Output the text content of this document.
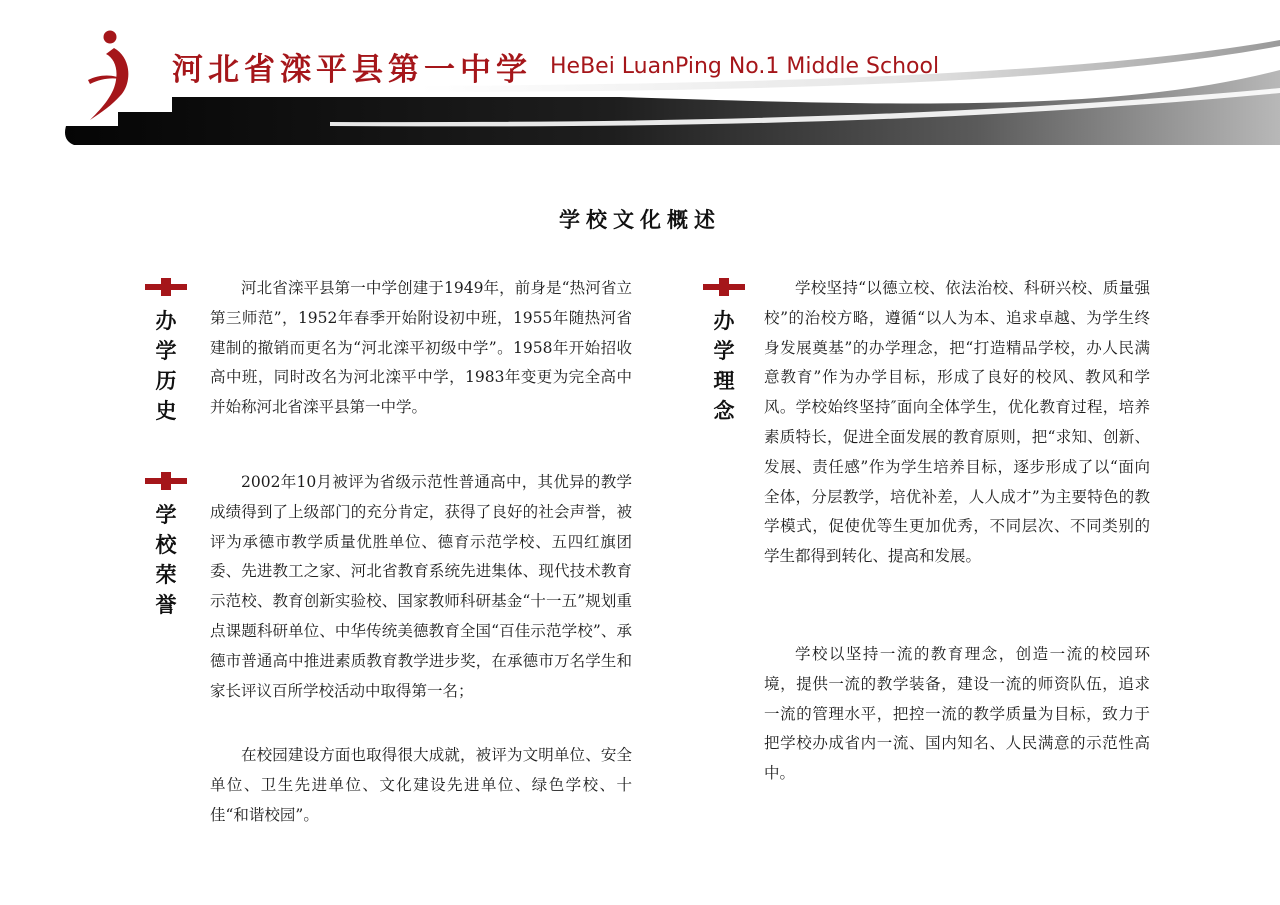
河北省滦平县第一中学 HeBei LuanPing No.1 Middle School
学校文化概述
办
学
历
史
学
校
荣
誉
办
学
理
念

河北省滦平县第一中学创建于1949年，前身是“热河省立第三师范”，1952年春季开始附设初中班，1955年随热河省建制的撤销而更名为“河北滦平初级中学”。1958年开始招收高中班，同时改名为河北滦平中学，1983年变更为完全高中并始称河北省滦平县第一中学。

2002年10月被评为省级示范性普通高中，其优异的教学成绩得到了上级部门的充分肯定，获得了良好的社会声誉，被评为承德市教学质量优胜单位、德育示范学校、五四红旗团委、先进教工之家、河北省教育系统先进集体、现代技术教育示范校、教育创新实验校、国家教师科研基金“十一五”规划重点课题科研单位、中华传统美德教育全国“百佳示范学校”、承德市普通高中推进素质教育教学进步奖，在承德市万名学生和家长评议百所学校活动中取得第一名；

在校园建设方面也取得很大成就，被评为文明单位、安全单位、卫生先进单位、文化建设先进单位、绿色学校、十佳“和谐校园”。

学校坚持“以德立校、依法治校、科研兴校、质量强校”的治校方略，遵循“以人为本、追求卓越、为学生终身发展奠基”的办学理念，把“打造精品学校，办人民满意教育”作为办学目标，形成了良好的校风、教风和学风。学校始终坚持″面向全体学生，优化教育过程，培养素质特长，促进全面发展的教育原则，把“求知、创新、发展、责任感”作为学生培养目标，逐步形成了以“面向全体，分层教学，培优补差，人人成才”为主要特色的教学模式，促使优等生更加优秀，不同层次、不同类别的学生都得到转化、提高和发展。

学校以坚持一流的教育理念，创造一流的校园环境，提供一流的教学装备，建设一流的师资队伍，追求一流的管理水平，把控一流的教学质量为目标，致力于把学校办成省内一流、国内知名、人民满意的示范性高中。
